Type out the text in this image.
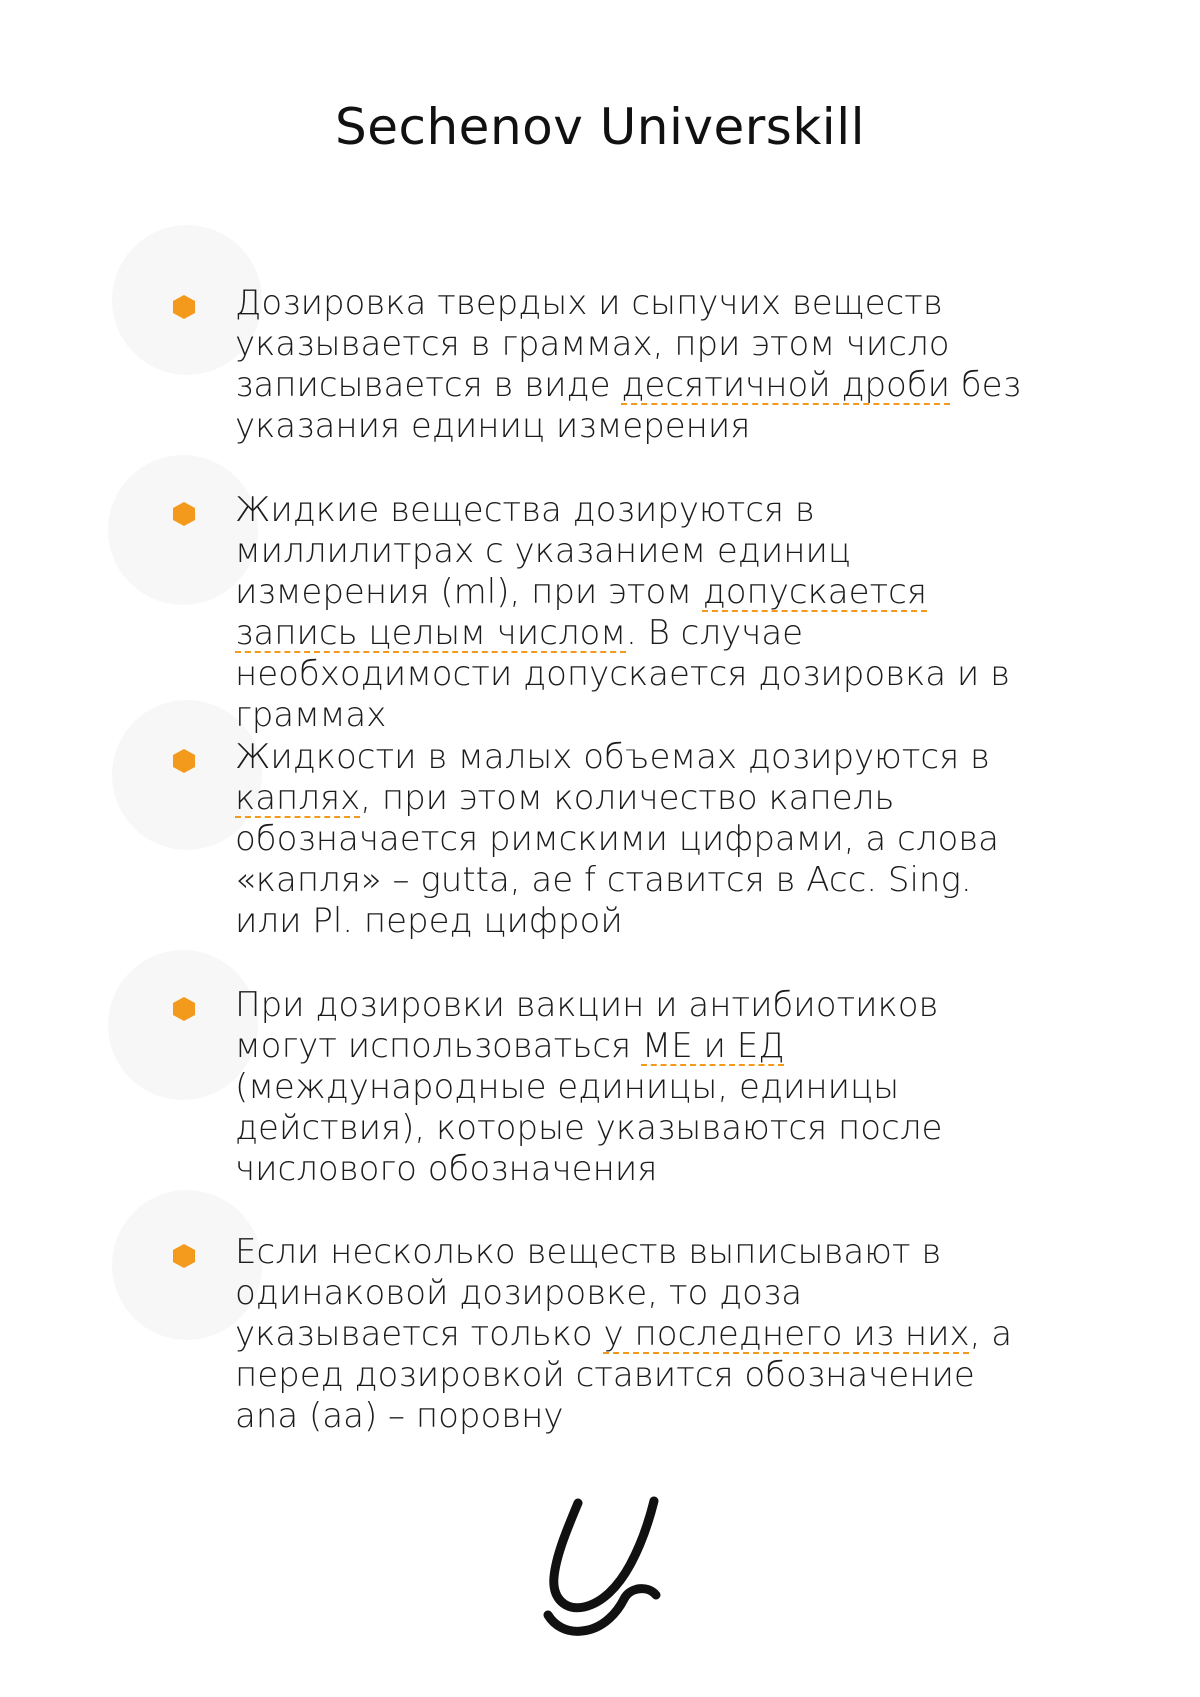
Sechenov Universkill

Дозировка твердых и сыпучих веществ указывается в граммах, при этом число записывается в виде десятичной дроби без указания единиц измерения

Жидкие вещества дозируются в миллилитрах с указанием единиц измерения (ml), при этом допускается запись целым числом. В случае необходимости допускается дозировка и в граммах

Жидкости в малых объемах дозируются в каплях, при этом количество капель обозначается римскими цифрами, а слова «капля» – gutta, ae f ставится в Acc. Sing. или Pl. перед цифрой

При дозировки вакцин и антибиотиков могут использоваться МЕ и ЕД (международные единицы, единицы действия), которые указываются после числового обозначения

Если несколько веществ выписывают в одинаковой дозировке, то доза указывается только у последнего из них, а перед дозировкой ставится обозначение ana (aa) – поровну
